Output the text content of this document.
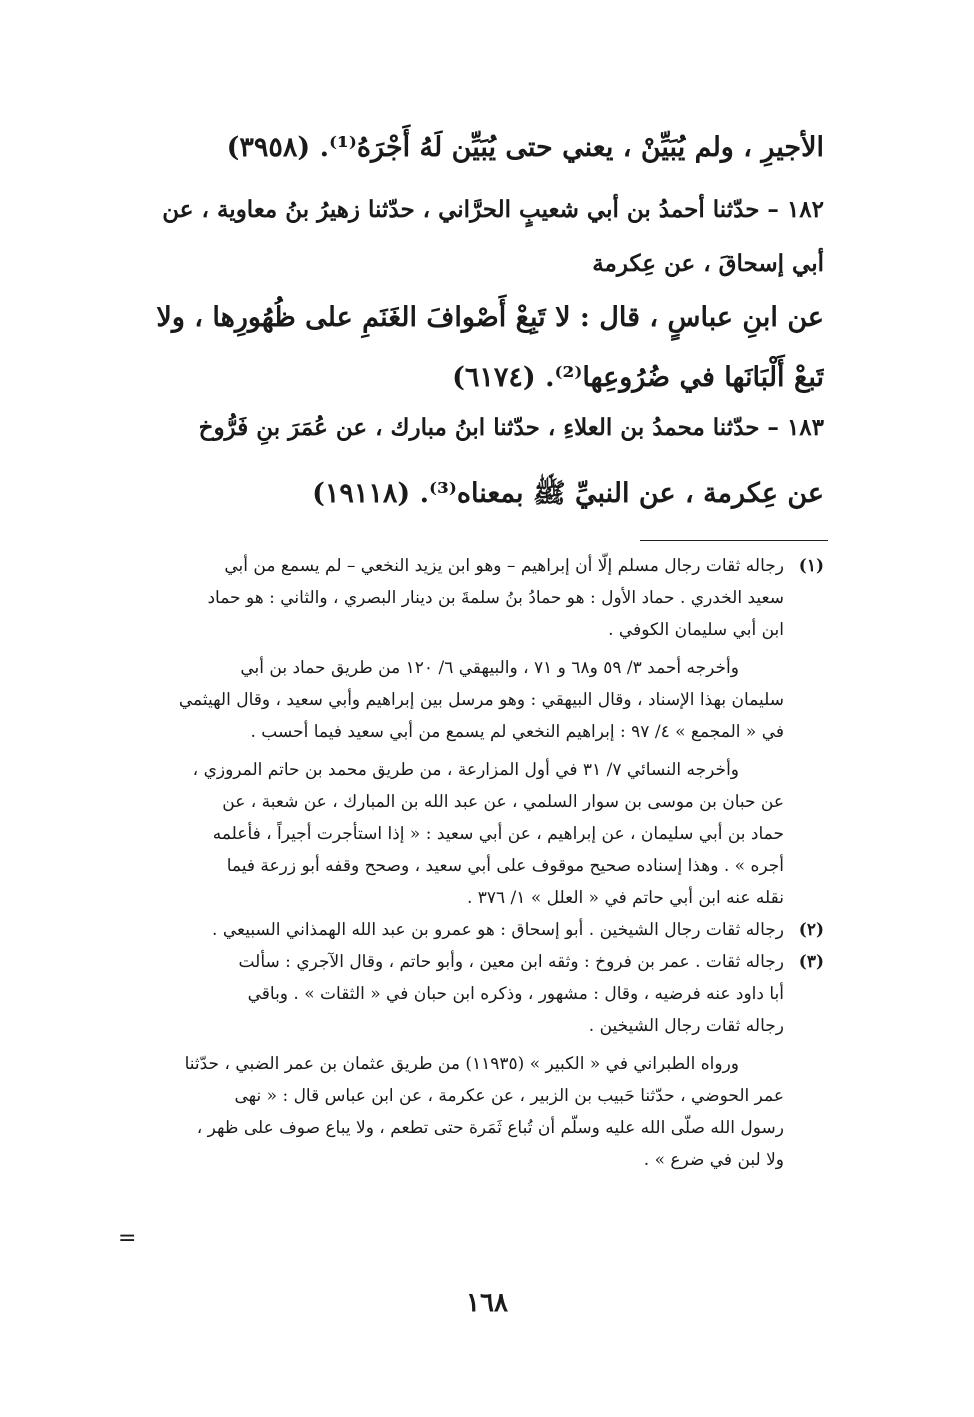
الأجيرِ ، ولم يُبَيِّنْ ، يعني حتى يُبَيِّن لَهُ أَجْرَهُ⁽¹⁾. (٣٩٥٨)
١٨٢ – حدّثنا أحمدُ بن أبي شعيبٍ الحرَّاني ، حدّثنا زهيرُ بنُ معاوية ، عن
أبي إسحاقَ ، عن عِكرمة
عن ابنِ عباسٍ ، قال : لا تَبِعْ أَصْوافَ الغَنَمِ على ظُهُورِها ، ولا
تَبعْ أَلْبَانَها في ضُرُوعِها⁽²⁾. (٦١٧٤)
١٨٣ – حدّثنا محمدُ بن العلاءِ ، حدّثنا ابنُ مبارك ، عن عُمَرَ بنِ فَرُّوخ
عن عِكرمة ، عن النبيِّ ﷺ بمعناه⁽³⁾. (١٩١١٨)
(١)
رجاله ثقات رجال مسلم إلّا أن إبراهيم – وهو ابن يزيد النخعي – لم يسمع من أبي
سعيد الخدري . حماد الأول : هو حمادُ بنُ سلمةَ بن دينار البصري ، والثاني : هو حماد
ابن أبي سليمان الكوفي .
وأخرجه أحمد ٣/ ٥٩ و٦٨ و ٧١ ، والبيهقي ٦/ ١٢٠ من طريق حماد بن أبي
سليمان بهذا الإسناد ، وقال البيهقي : وهو مرسل بين إبراهيم وأبي سعيد ، وقال الهيثمي
في « المجمع » ٤/ ٩٧ : إبراهيم النخعي لم يسمع من أبي سعيد فيما أحسب .
وأخرجه النسائي ٧/ ٣١ في أول المزارعة ، من طريق محمد بن حاتم المروزي ،
عن حبان بن موسى بن سوار السلمي ، عن عبد الله بن المبارك ، عن شعبة ، عن
حماد بن أبي سليمان ، عن إبراهيم ، عن أبي سعيد : « إذا استأجرت أجيراً ، فأعلمه
أجره » . وهذا إسناده صحيح موقوف على أبي سعيد ، وصحح وقفه أبو زرعة فيما
نقله عنه ابن أبي حاتم في « العلل » ١/ ٣٧٦ .
(٢)
رجاله ثقات رجال الشيخين . أبو إسحاق : هو عمرو بن عبد الله الهمذاني السبيعي .
(٣)
رجاله ثقات . عمر بن فروخ : وثقه ابن معين ، وأبو حاتم ، وقال الآجري : سألت
أبا داود عنه فرضيه ، وقال : مشهور ، وذكره ابن حبان في « الثقات » . وباقي
رجاله ثقات رجال الشيخين .
ورواه الطبراني في « الكبير » (١١٩٣٥) من طريق عثمان بن عمر الضبي ، حدّثنا
عمر الحوضي ، حدّثنا حَبيب بن الزبير ، عن عكرمة ، عن ابن عباس قال : « نهى
رسول الله صلّى الله عليه وسلّم أن تُباع ثَمَرة حتى تطعم ، ولا يباع صوف على ظهر ،
ولا لبن في ضرع » .
=
١٦٨
